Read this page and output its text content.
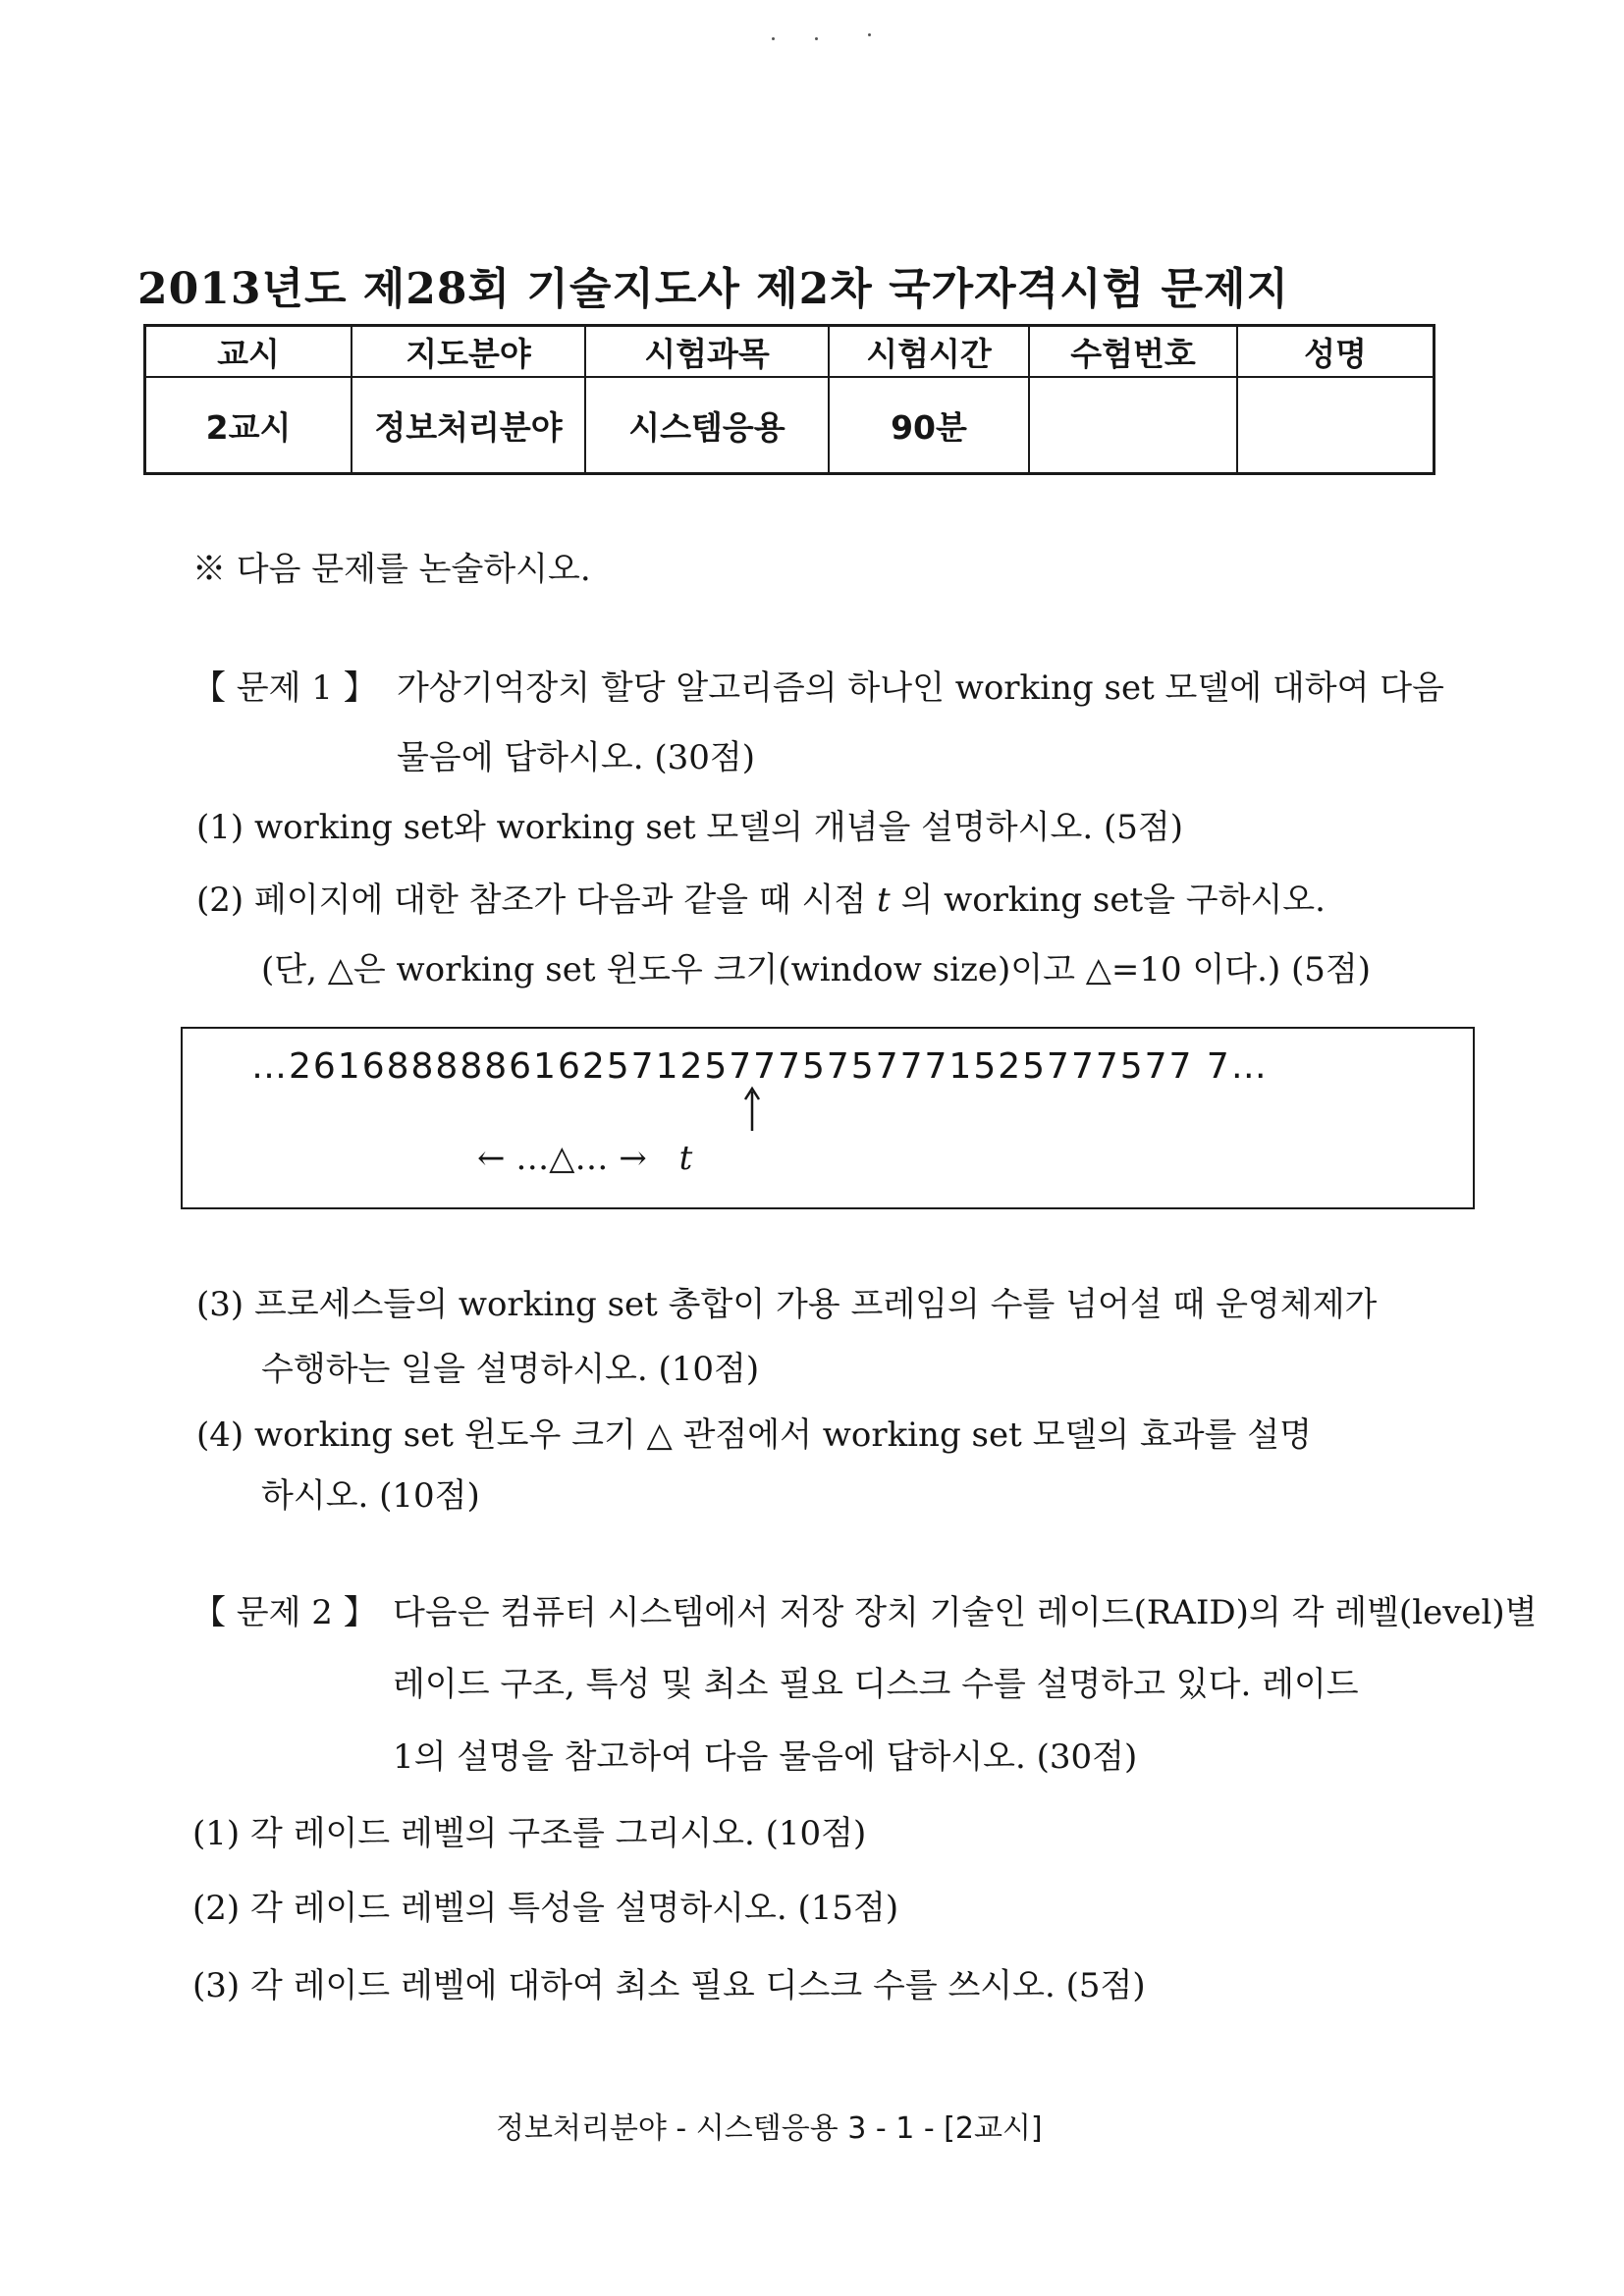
2013년도 제28회 기술지도사 제2차 국가자격시험 문제지
교시	지도분야	시험과목	시험시간	수험번호	성명
2교시	정보처리분야	시스템응용	90분		
※ 다음 문제를 논술하시오.
【 문제 1 】 가상기억장치 할당 알고리즘의 하나인 working set 모델에 대하여 다음
물음에 답하시오. (30점)
(1) working set와 working set 모델의 개념을 설명하시오. (5점)
(2) 페이지에 대한 참조가 다음과 같을 때 시점 t 의 working set을 구하시오.
(단, △은 working set 윈도우 크기(window size)이고 △=10 이다.) (5점)
…2616888886162571257775757771525777577 7…
← …△… → t
(3) 프로세스들의 working set 총합이 가용 프레임의 수를 넘어설 때 운영체제가
수행하는 일을 설명하시오. (10점)
(4) working set 윈도우 크기 △ 관점에서 working set 모델의 효과를 설명
하시오. (10점)
【 문제 2 】 다음은 컴퓨터 시스템에서 저장 장치 기술인 레이드(RAID)의 각 레벨(level)별
레이드 구조, 특성 및 최소 필요 디스크 수를 설명하고 있다. 레이드
1의 설명을 참고하여 다음 물음에 답하시오. (30점)
(1) 각 레이드 레벨의 구조를 그리시오. (10점)
(2) 각 레이드 레벨의 특성을 설명하시오. (15점)
(3) 각 레이드 레벨에 대하여 최소 필요 디스크 수를 쓰시오. (5점)
정보처리분야 - 시스템응용 3 - 1 - [2교시]
